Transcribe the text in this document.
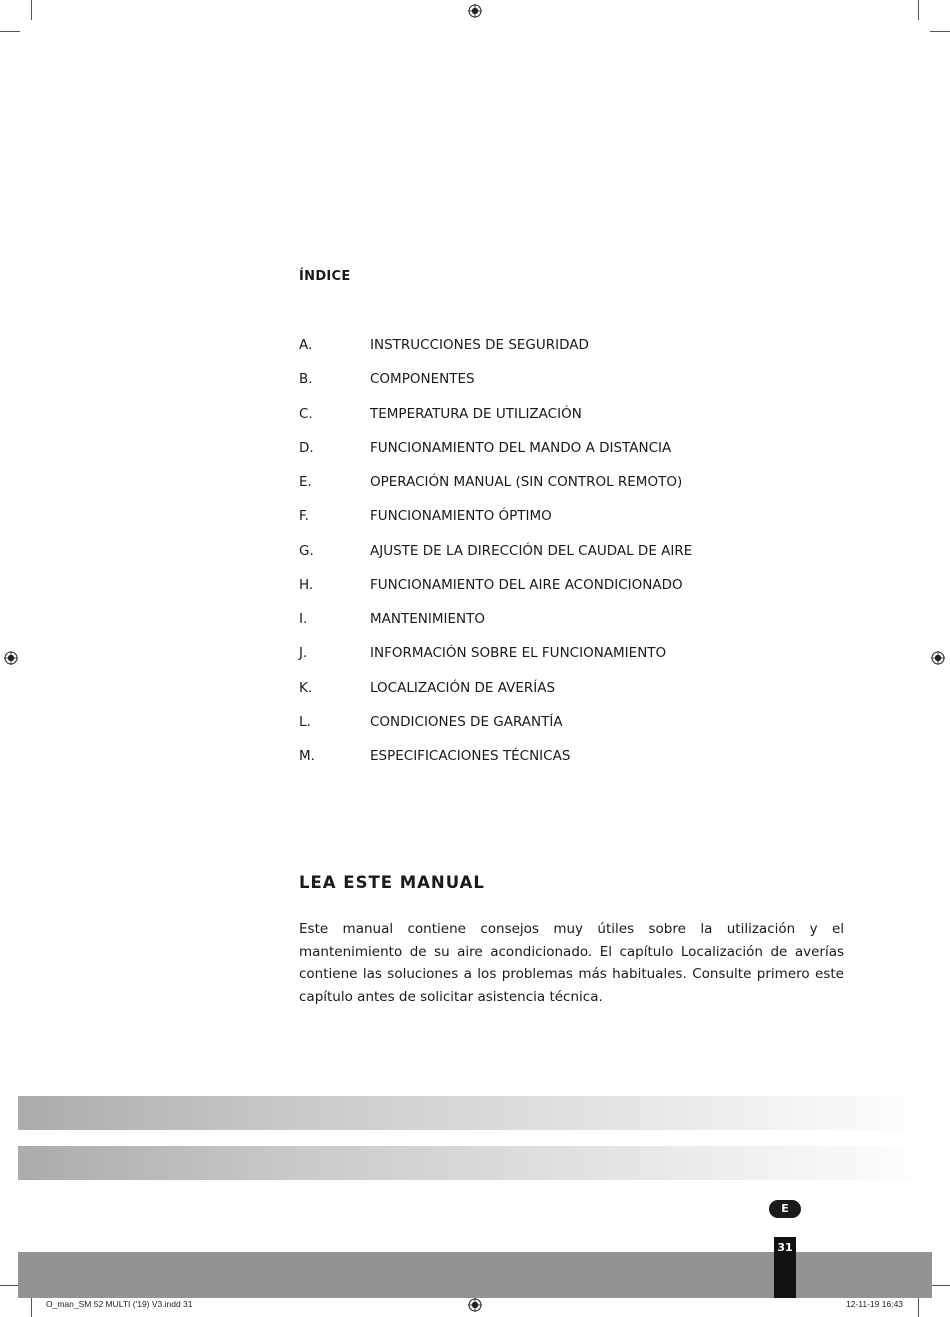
ÍNDICE
A.	INSTRUCCIONES DE SEGURIDAD
B.	COMPONENTES
C.	TEMPERATURA DE UTILIZACIÓN
D.	FUNCIONAMIENTO DEL MANDO A DISTANCIA
E.	OPERACIÓN MANUAL (SIN CONTROL REMOTO)
F.	FUNCIONAMIENTO ÓPTIMO
G.	AJUSTE DE LA DIRECCIÓN DEL CAUDAL DE AIRE
H.	FUNCIONAMIENTO DEL AIRE ACONDICIONADO
I.	MANTENIMIENTO
J.	INFORMACIÓN SOBRE EL FUNCIONAMIENTO
K.	LOCALIZACIÓN DE AVERÍAS
L.	CONDICIONES DE GARANTÍA
M.	ESPECIFICACIONES TÉCNICAS
LEA ESTE MANUAL
Este manual contiene consejos muy útiles sobre la utilización y el mantenimiento de su aire acondicionado. El capítulo Localización de averías contiene las soluciones a los problemas más habituales. Consulte primero este capítulo antes de solicitar asistencia técnica.
E
31
O_man_SM 52 MULTI ('19) V3.indd 31	12-11-19 16:43
